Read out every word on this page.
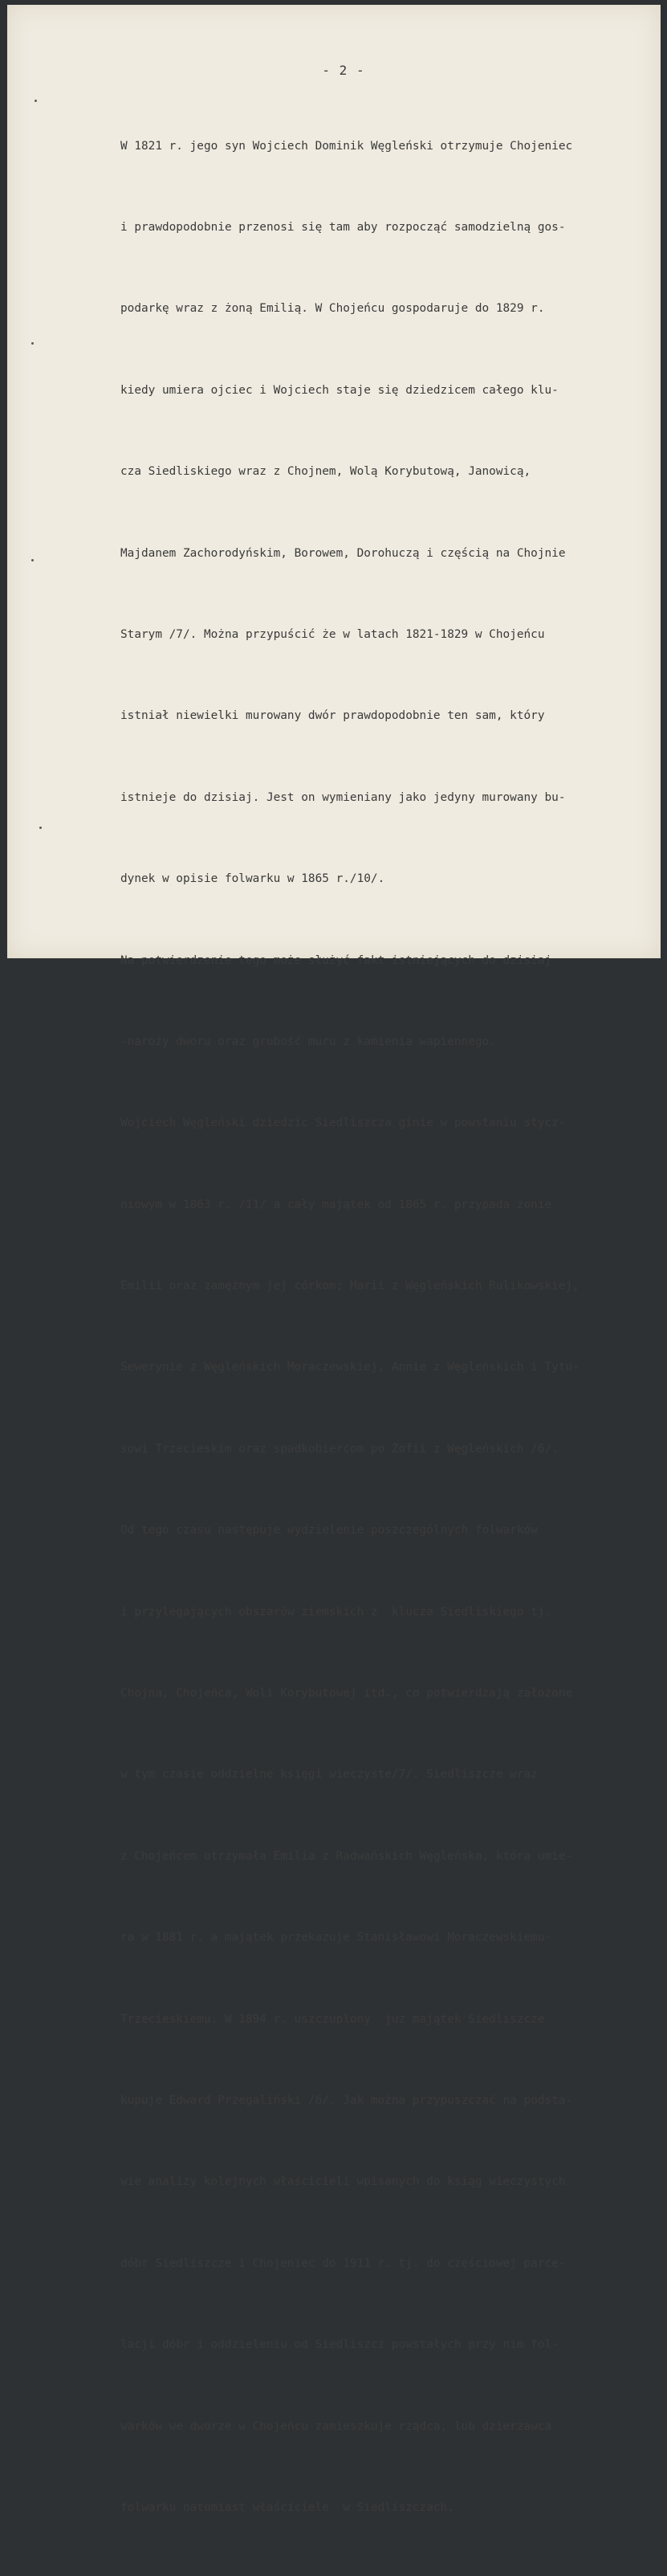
- 2 -

W 1821 r. jego syn Wojciech Dominik Węgleński otrzymuje Chojeniec

i prawdopodobnie przenosi się tam aby rozpocząć samodzielną gos-

podarkę wraz z żoną Emilią. W Chojeńcu gospodaruje do 1829 r.

kiedy umiera ojciec i Wojciech staje się dziedzicem całego klu-

cza Siedliskiego wraz z Chojnem, Wolą Korybutową, Janowicą,

Majdanem Zachorodyńskim, Borowem, Dorohuczą i częścią na Chojnie

Starym /7/. Można przypuścić że w latach 1821-1829 w Chojeńcu

istniał niewielki murowany dwór prawdopodobnie ten sam, który

istnieje do dzisiaj. Jest on wymieniany jako jedyny murowany bu-

dynek w opisie folwarku w 1865 r./10/.

Na potwierdzenie tego może służyć fakt istniejących do dzisiaj

-naroży dworu oraz grubość muru z kamienia wapiennego.

Wojciech Węgleński dziedzic Siedliszcza ginie w powstaniu stycz-

niowym w 1863 r. /11/ a cały majątek od 1865 r. przypada żonie

Emilii oraz zamężnym jej córkom; Marii z Węgleńskich Rulikowskiej,

Sewerynie z Węgleńskich Moraczewskiej, Annie z Węgleńskich i Tytu-

sowi Trzecieskim oraz spadkobiercom po Zofii z Węgleńskich /6/.

Od tego czasu następuje wydzielenie poszczególnych folwarków

i przylegających obszarów ziemskich z  klucza Siedliskiego tj.

Chojna, Chojeńca, Woli Korybutowej itd., co potwierdzają założone

w tym czasie oddzielne księgi wieczyste/7/. Siedliszcze wraz

z Chojeńcem otrzymała Emilia z Radwańskich Węgleńska, która umie-

ra w 1881 r. a majątek przekazuje Stanisławowi Moraczewskiemu-

Trzecieskiemu. W 1894 r. uszczuplony  już majątek Siedliszcze

kupuje Edward Przegaliński /6/. Jak można przypuszczać na podsta-

wie analizy kolejnych właścicieli wpisanych do ksiąg wieczystych

dóbr Siedliszcze i Chojeniec do 1911 r. tj. do częściowej parce-

lacji dóbr i oddzieleniu od Siedliszcz powstałych przy nim fol-

warków we dworze w Chojeńcu zamieszkuje rządca, lub dzierżawca

folwarku natomiast właściciele  w Siedliszczach.
